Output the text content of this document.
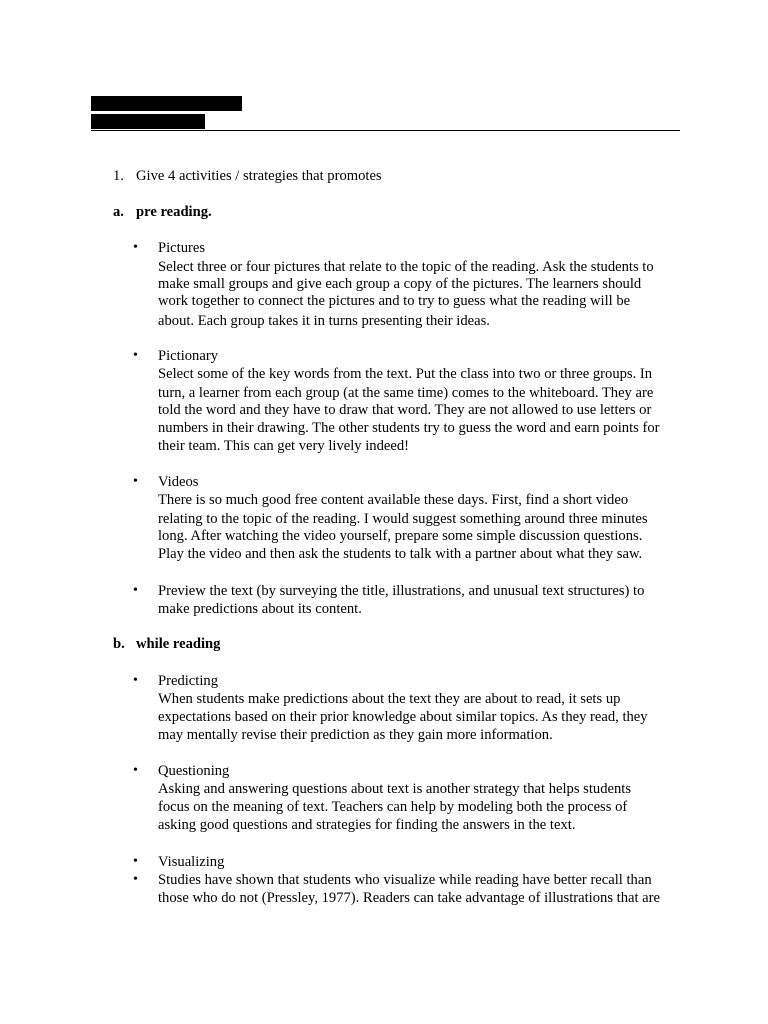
1. Give 4 activities / strategies that promotes
a. pre reading.
• Pictures
Select three or four pictures that relate to the topic of the reading. Ask the students to
make small groups and give each group a copy of the pictures. The learners should
work together to connect the pictures and to try to guess what the reading will be
about. Each group takes it in turns presenting their ideas.
• Pictionary
Select some of the key words from the text. Put the class into two or three groups. In
turn, a learner from each group (at the same time) comes to the whiteboard. They are
told the word and they have to draw that word. They are not allowed to use letters or
numbers in their drawing. The other students try to guess the word and earn points for
their team. This can get very lively indeed!
• Videos
There is so much good free content available these days. First, find a short video
relating to the topic of the reading. I would suggest something around three minutes
long. After watching the video yourself, prepare some simple discussion questions.
Play the video and then ask the students to talk with a partner about what they saw.
• Preview the text (by surveying the title, illustrations, and unusual text structures) to
make predictions about its content.
b. while reading
• Predicting
When students make predictions about the text they are about to read, it sets up
expectations based on their prior knowledge about similar topics. As they read, they
may mentally revise their prediction as they gain more information.
• Questioning
Asking and answering questions about text is another strategy that helps students
focus on the meaning of text. Teachers can help by modeling both the process of
asking good questions and strategies for finding the answers in the text.
• Visualizing
• Studies have shown that students who visualize while reading have better recall than
those who do not (Pressley, 1977). Readers can take advantage of illustrations that are
